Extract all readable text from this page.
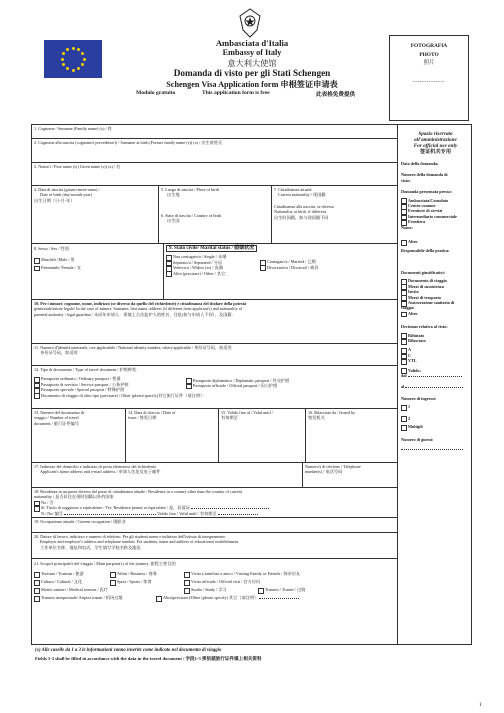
Ambasciata d'Italia
Embassy of Italy
意大利大使馆
Domanda di visto per gli Stati Schengen
Schengen Visa Application form 申根签证申请表
Modulo gratuito	This application form is free	此表格免费提供
FOTOGRAFIA
PHOTO
照片
--------------
1. Cognome / Surname (Family name) (x) / 姓
2. Cognome alla nascita (cognome/i precedente/i) / Surname at birth (Former family name (s)) (x) / 出生时姓氏
3. Nome/i / First name (s) (Given name (s)) (x) / 名
4. Data di nascita (giorno-mese-anno) /
Date of birth (day-month-year)
出生日期（日-月-年）
5. Luogo di nascita / Place of birth
出生地
6. Stato di nascita / Country of birth
出生国
7. Cittadinanza attuale
Current nationality / 现国籍
Cittadinanza alla nascita, se diversa
Nationality at birth, if different
出生时国籍，如与现国籍不同
8. Sesso / Sex / 性别
Maschile /Male / 男
Femminile/ Female / 女
9. Stato civile/ Marital status / 婚姻状况
Non coniugato/a / Single / 未婚
Separato/a / Separated / 分居
Vedovo/a / Widow (er) / 丧偶
Altro (precisare) / Other / 其它：
Coniugato/a / Married / 已婚
Divorziato/a / Divorced / 离异
10. Per i minori: cognome, nome, indirizzo (se diverso da quello del richiedente) e cittadinanza del titolare della potestà
genitoriale/tutore legale/ In the case of minors: Surname, first name, address (if different from applicant's) and nationality of
parental authority / legal guardian / 未成年申请人：须填上合法监护人的姓名、住址(如与申请人不同），及国籍:
11. Numero d'identità nazionale, ove applicabile / National identity number, where applicable / 身份证号码，如适用
身份证号码，如适用
12. Tipo di documento / Type of travel document / 护照种类：
Passaporto ordinario / Ordinary passport / 普通
Passaporto di servizio / Service passport / 公务护照
Passaporto speciale / Special passport / 特殊护照
Documento di viaggio di altro tipo (precisare) / Other (please specify)其它旅行证件（请注明）：
Passaporto diplomatico / Diplomatic passport / 外交护照
Passaporto ufficiale / Official passport / 因公护照
13. Numero del documento di
viaggio / Number of travel
document / 旅行证件编号
14. Data di rilascio / Date of
issue / 签发日期
15. Valido fino al / Valid until /
有效期至
16. Rilasciato da / Issued by
签发机关
17. Indirizzo del domicilio e indirizzo di posta elettronica del richiedente
Applicant's home address and e-mail address / 申请人住址及电子邮件
Numero/i di telefono / Telephone
number(s) / 电话号码
18. Residenza in un paese diverso dal paese di cittadinanza attuale / Residence in a country other than the country of current
nationality / 是否居住在现时国籍以外的国家
No / 否
Sì. Titolo di soggiorno o equivalente / Yes. Residence permit or equivalent / 是，居留证
N./ No/ 编号	Valido fino / Valid until / 有效期至
19. Occupazione attuale / Current occupation / 现职业
20. Datore di lavoro, indirizzo e numero di telefono. Per gli studenti nome e indirizzo dell'istituto di insegnamento
Employer and employer's address and telephone number. For students, name and address of educational establishment.
工作单位名称、地址和电话，学生填写学校名称及地址
21. Scopo/i principale/i del viaggio / Main purpose(s) of the journey: 旅程主要目的
Turismo / Tourism / 旅游	Affari / Business / 商务	Visita a familiari o amici / Visiting Family or Friends / 探亲访友
Cultura / Cultural / 文化	Sport / Sports / 体育	Visita ufficiale / Official visit / 官方访问
Motivi sanitari / Medical reasons / 医疗	Studio / Study / 学习	Transito / Transit / 过境
Transito aeroportuale/ Airport transit / 机场过境	Altro(precisare)/Other (please specify) 其它（请注明）
Spazio riservato
all'amministrazione
For official use only
签证机关专用
Data della domanda:
Numero della domanda di
visto:
Domanda presentata presso:
Ambasciata/Consolato
Centro comune
Fornitore di servizi
Intermediario commerciale
Frontiera
Nome:
Altro
Responsabile della pratica:
Documenti giustificativi:
Documento di viaggio
Mezzi di sussistenza
Invito
Mezzi di trasporto
Assicurazione sanitaria di
viaggio
Altro
Decisione relativa al visto:
Rifiutato
Rilasciato
A
C
VTL
Valido:
dal
al
Numero di ingressi:
1
2
Multipli
Numero di giorni:
(x) Alle caselle da 1 a 3 le informazioni vanno inserite come indicato nel documento di viaggio
Fields 1-3 shall be filled in accordance with the data in the travel document / 字段1-3 须依据旅行证件填上相关资料
1
